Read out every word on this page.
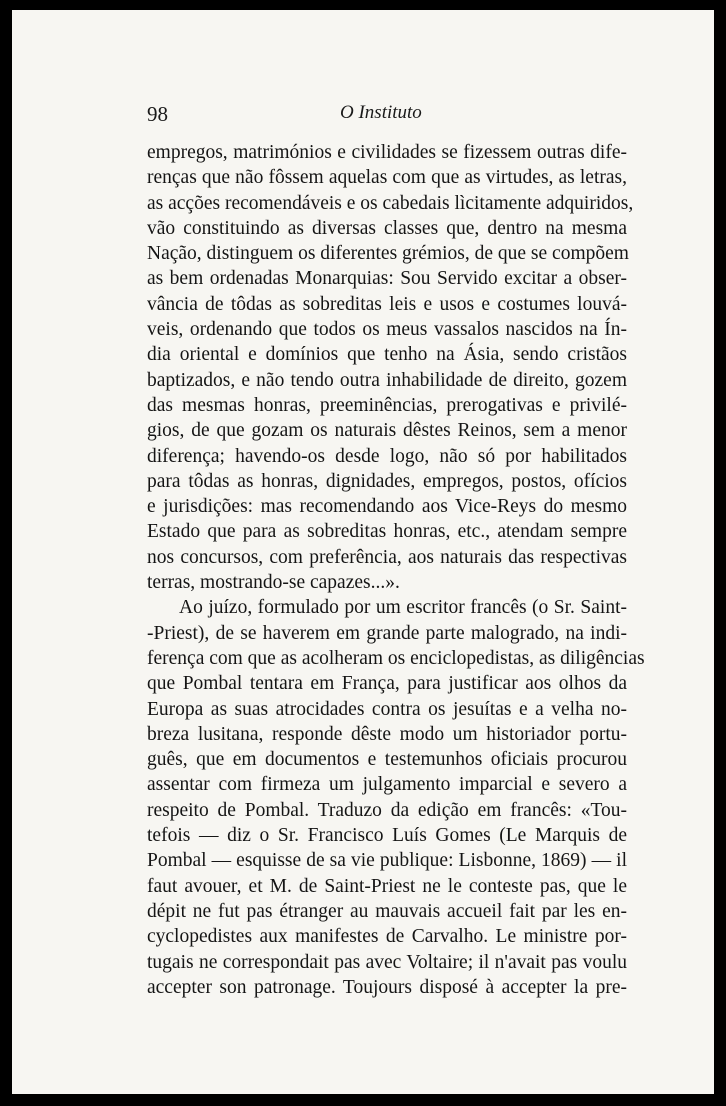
98	O Instituto
empregos, matrimónios e civilidades se fizessem outras dife-
renças que não fôssem aquelas com que as virtudes, as letras,
as acções recomendáveis e os cabedais lìcitamente adquiridos,
vão constituindo as diversas classes que, dentro na mesma
Nação, distinguem os diferentes grémios, de que se compõem
as bem ordenadas Monarquias: Sou Servido excitar a obser-
vância de tôdas as sobreditas leis e usos e costumes louvá-
veis, ordenando que todos os meus vassalos nascidos na Ín-
dia oriental e domínios que tenho na Ásia, sendo cristãos
baptizados, e não tendo outra inhabilidade de direito, gozem
das mesmas honras, preeminências, prerogativas e privilé-
gios, de que gozam os naturais dêstes Reinos, sem a menor
diferença; havendo-os desde logo, não só por habilitados
para tôdas as honras, dignidades, empregos, postos, ofícios
e jurisdições: mas recomendando aos Vice-Reys do mesmo
Estado que para as sobreditas honras, etc., atendam sempre
nos concursos, com preferência, aos naturais das respectivas
terras, mostrando-se capazes...».
Ao juízo, formulado por um escritor francês (o Sr. Saint-
-Priest), de se haverem em grande parte malogrado, na indi-
ferença com que as acolheram os enciclopedistas, as diligências
que Pombal tentara em França, para justificar aos olhos da
Europa as suas atrocidades contra os jesuítas e a velha no-
breza lusitana, responde dêste modo um historiador portu-
guês, que em documentos e testemunhos oficiais procurou
assentar com firmeza um julgamento imparcial e severo a
respeito de Pombal. Traduzo da edição em francês: «Tou-
tefois — diz o Sr. Francisco Luís Gomes (Le Marquis de
Pombal — esquisse de sa vie publique: Lisbonne, 1869) — il
faut avouer, et M. de Saint-Priest ne le conteste pas, que le
dépit ne fut pas étranger au mauvais accueil fait par les en-
cyclopedistes aux manifestes de Carvalho. Le ministre por-
tugais ne correspondait pas avec Voltaire; il n'avait pas voulu
accepter son patronage. Toujours disposé à accepter la pre-
